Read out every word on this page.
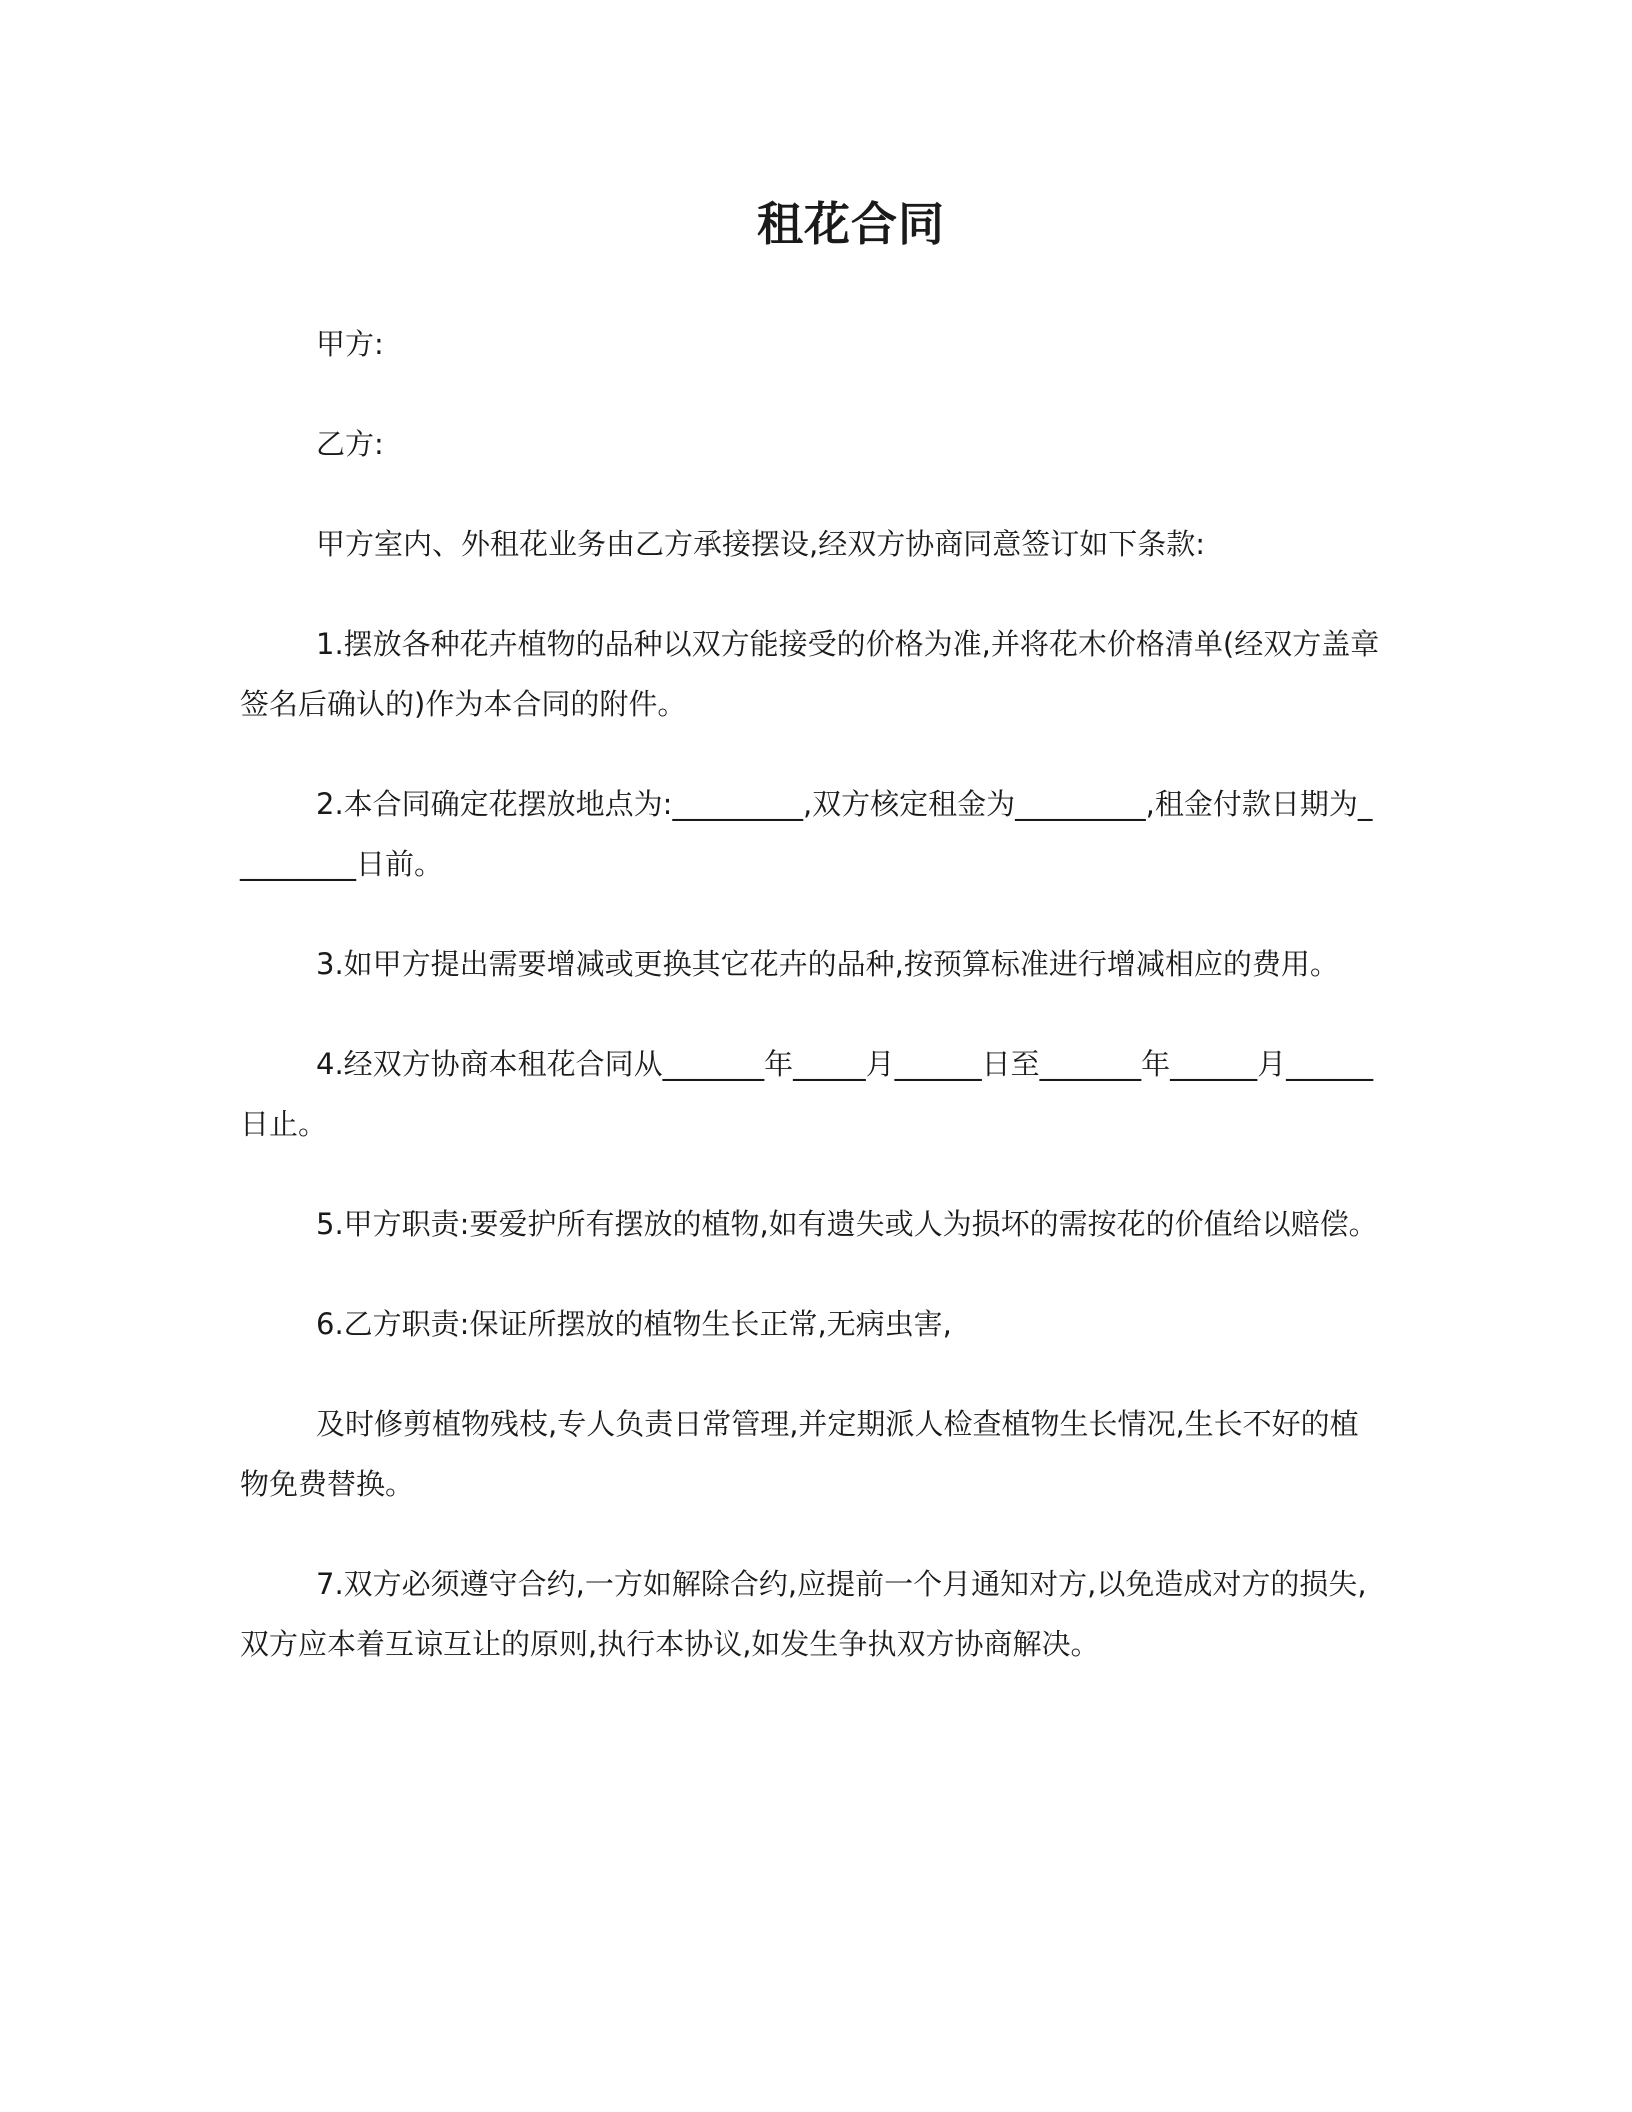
租花合同

甲方:

乙方:

甲方室内、外租花业务由乙方承接摆设,经双方协商同意签订如下条款:

1.摆放各种花卉植物的品种以双方能接受的价格为准,并将花木价格清单(经双方盖章签名后确认的)作为本合同的附件。

2.本合同确定花摆放地点为:_________,双方核定租金为_________,租金付款日期为_________日前。

3.如甲方提出需要增减或更换其它花卉的品种,按预算标准进行增减相应的费用。

4.经双方协商本租花合同从_______年_____月______日至_______年______月______日止。

5.甲方职责:要爱护所有摆放的植物,如有遗失或人为损坏的需按花的价值给以赔偿。

6.乙方职责:保证所摆放的植物生长正常,无病虫害,

及时修剪植物残枝,专人负责日常管理,并定期派人检查植物生长情况,生长不好的植物免费替换。

7.双方必须遵守合约,一方如解除合约,应提前一个月通知对方,以免造成对方的损失,双方应本着互谅互让的原则,执行本协议,如发生争执双方协商解决。
